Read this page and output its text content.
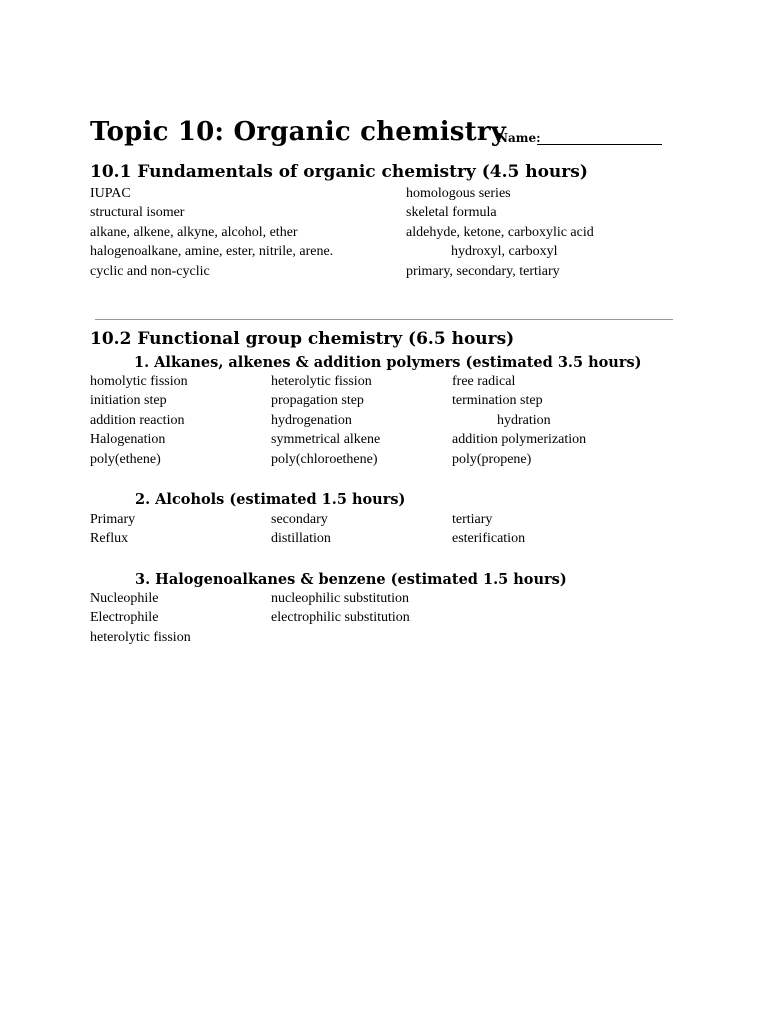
Topic 10: Organic chemistry
Name:
10.1 Fundamentals of organic chemistry (4.5 hours)
IUPAC
structural isomer
alkane, alkene, alkyne, alcohol, ether
halogenoalkane, amine, ester, nitrile, arene.
cyclic and non-cyclic
homologous series
skeletal formula
aldehyde, ketone, carboxylic acid
hydroxyl, carboxyl
primary, secondary, tertiary
10.2 Functional group chemistry (6.5 hours)
1. Alkanes, alkenes & addition polymers (estimated 3.5 hours)
homolytic fission
initiation step
addition reaction
Halogenation
poly(ethene)
heterolytic fission
propagation step
hydrogenation
symmetrical alkene
poly(chloroethene)
free radical
termination step
hydration
addition polymerization
poly(propene)
2. Alcohols (estimated 1.5 hours)
Primary
Reflux
secondary
distillation
tertiary
esterification
3. Halogenoalkanes & benzene (estimated 1.5 hours)
Nucleophile
Electrophile
heterolytic fission
nucleophilic substitution
electrophilic substitution
